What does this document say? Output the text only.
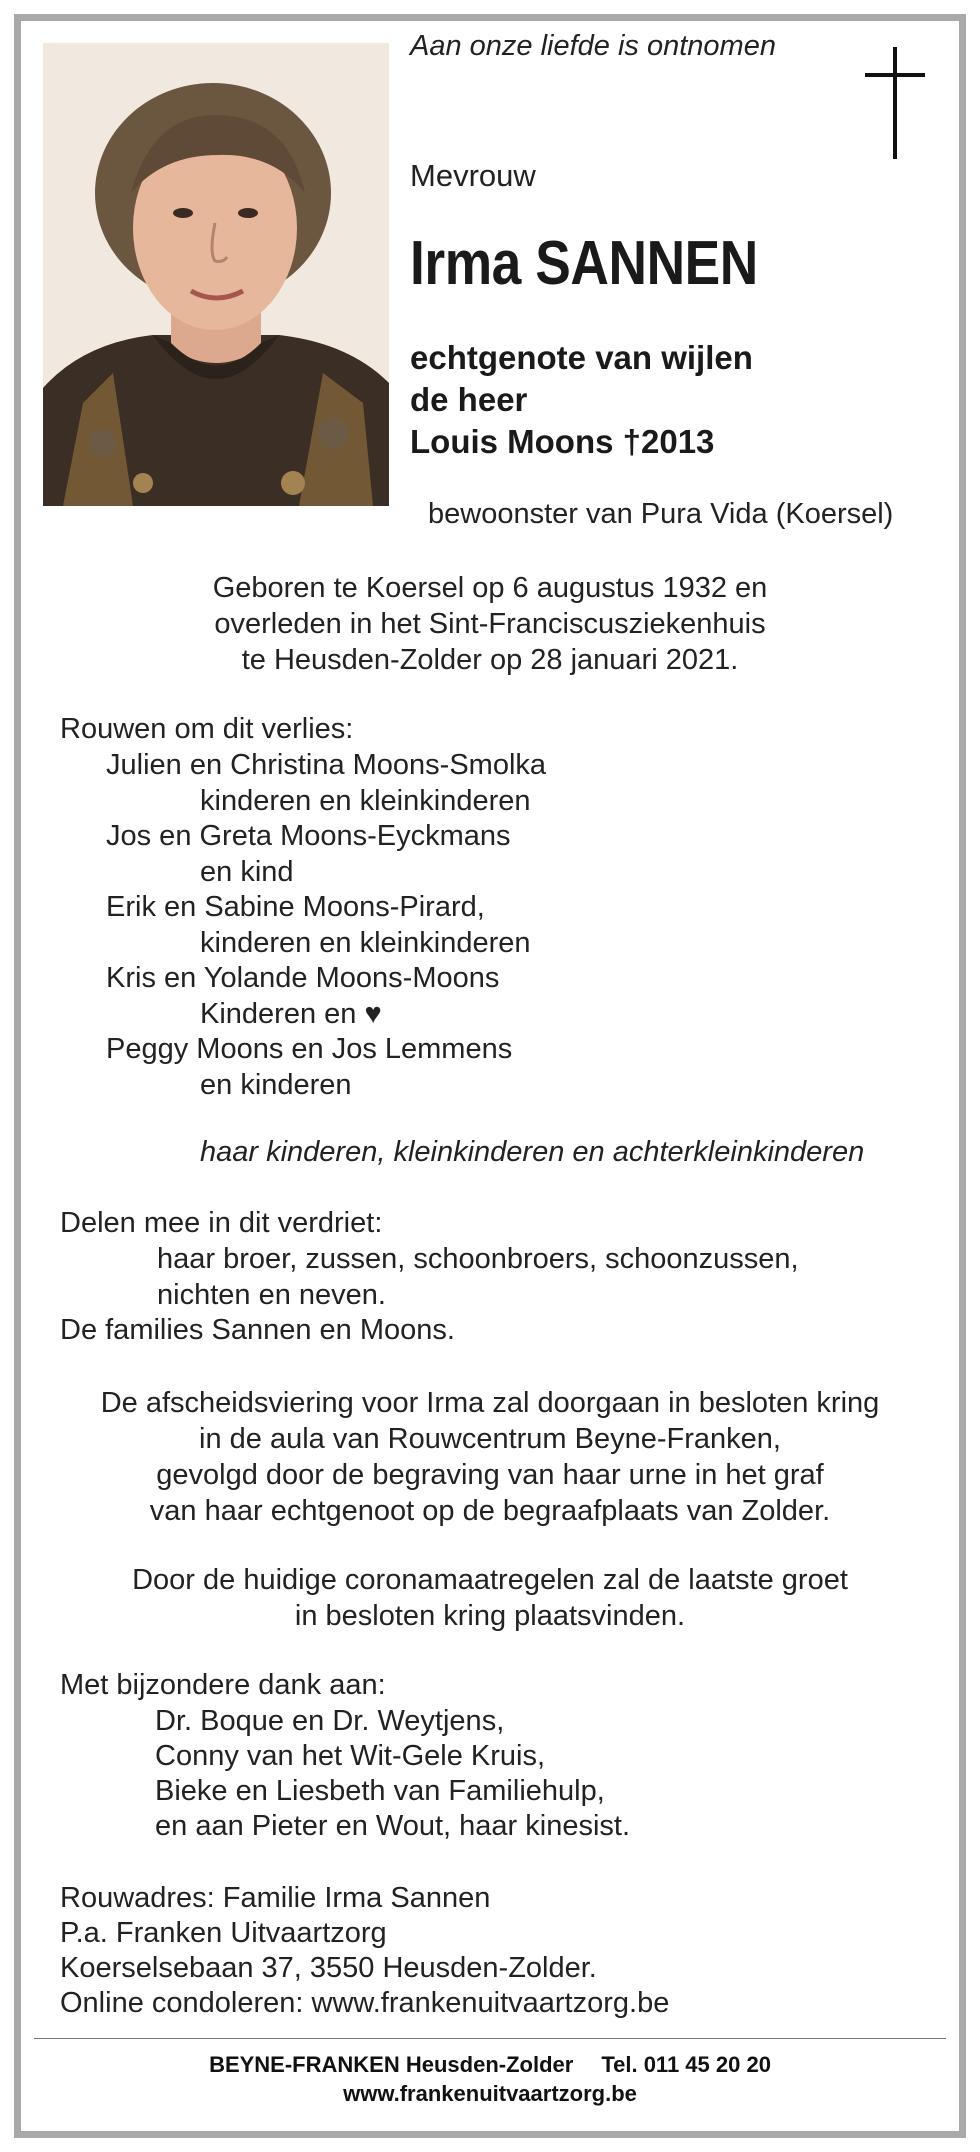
Aan onze liefde is ontnomen
Mevrouw
Irma SANNEN
echtgenote van wijlen
de heer
Louis Moons †2013
bewoonster van Pura Vida (Koersel)
Geboren te Koersel op 6 augustus 1932 en
overleden in het Sint-Franciscusziekenhuis
te Heusden-Zolder op 28 januari 2021.
Rouwen om dit verlies:
Julien en Christina Moons-Smolka
kinderen en kleinkinderen
Jos en Greta Moons-Eyckmans
en kind
Erik en Sabine Moons-Pirard,
kinderen en kleinkinderen
Kris en Yolande Moons-Moons
Kinderen en ♥
Peggy Moons en Jos Lemmens
en kinderen
haar kinderen, kleinkinderen en achterkleinkinderen
Delen mee in dit verdriet:
haar broer, zussen, schoonbroers, schoonzussen,
nichten en neven.
De families Sannen en Moons.
De afscheidsviering voor Irma zal doorgaan in besloten kring
in de aula van Rouwcentrum Beyne-Franken,
gevolgd door de begraving van haar urne in het graf
van haar echtgenoot op de begraafplaats van Zolder.
Door de huidige coronamaatregelen zal de laatste groet
in besloten kring plaatsvinden.
Met bijzondere dank aan:
Dr. Boque en Dr. Weytjens,
Conny van het Wit-Gele Kruis,
Bieke en Liesbeth van Familiehulp,
en aan Pieter en Wout, haar kinesist.
Rouwadres: Familie Irma Sannen
P.a. Franken Uitvaartzorg
Koerselsebaan 37, 3550 Heusden-Zolder.
Online condoleren: www.frankenuitvaartzorg.be
BEYNE-FRANKEN Heusden-Zolder Tel. 011 45 20 20
www.frankenuitvaartzorg.be
